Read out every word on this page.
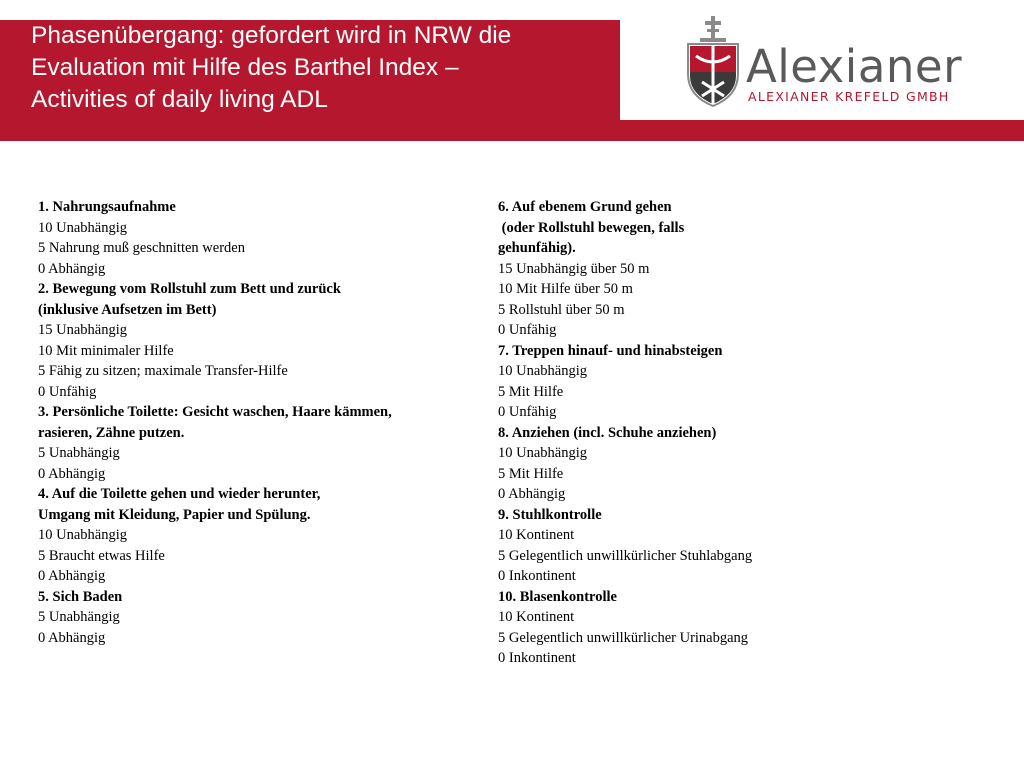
Phasenübergang: gefordert wird in NRW die
Evaluation mit Hilfe des Barthel Index –
Activities of daily living ADL
Alexianer
ALEXIANER KREFELD GMBH
1. Nahrungsaufnahme
10 Unabhängig
5 Nahrung muß geschnitten werden
0 Abhängig
2. Bewegung vom Rollstuhl zum Bett und zurück
(inklusive Aufsetzen im Bett)
15 Unabhängig
10 Mit minimaler Hilfe
5 Fähig zu sitzen; maximale Transfer-Hilfe
0 Unfähig
3. Persönliche Toilette: Gesicht waschen, Haare kämmen,
rasieren, Zähne putzen.
5 Unabhängig
0 Abhängig
4. Auf die Toilette gehen und wieder herunter,
Umgang mit Kleidung, Papier und Spülung.
10 Unabhängig
5 Braucht etwas Hilfe
0 Abhängig
5. Sich Baden
5 Unabhängig
0 Abhängig
6. Auf ebenem Grund gehen
(oder Rollstuhl bewegen, falls
gehunfähig).
15 Unabhängig über 50 m
10 Mit Hilfe über 50 m
5 Rollstuhl über 50 m
0 Unfähig
7. Treppen hinauf- und hinabsteigen
10 Unabhängig
5 Mit Hilfe
0 Unfähig
8. Anziehen (incl. Schuhe anziehen)
10 Unabhängig
5 Mit Hilfe
0 Abhängig
9. Stuhlkontrolle
10 Kontinent
5 Gelegentlich unwillkürlicher Stuhlabgang
0 Inkontinent
10. Blasenkontrolle
10 Kontinent
5 Gelegentlich unwillkürlicher Urinabgang
0 Inkontinent
